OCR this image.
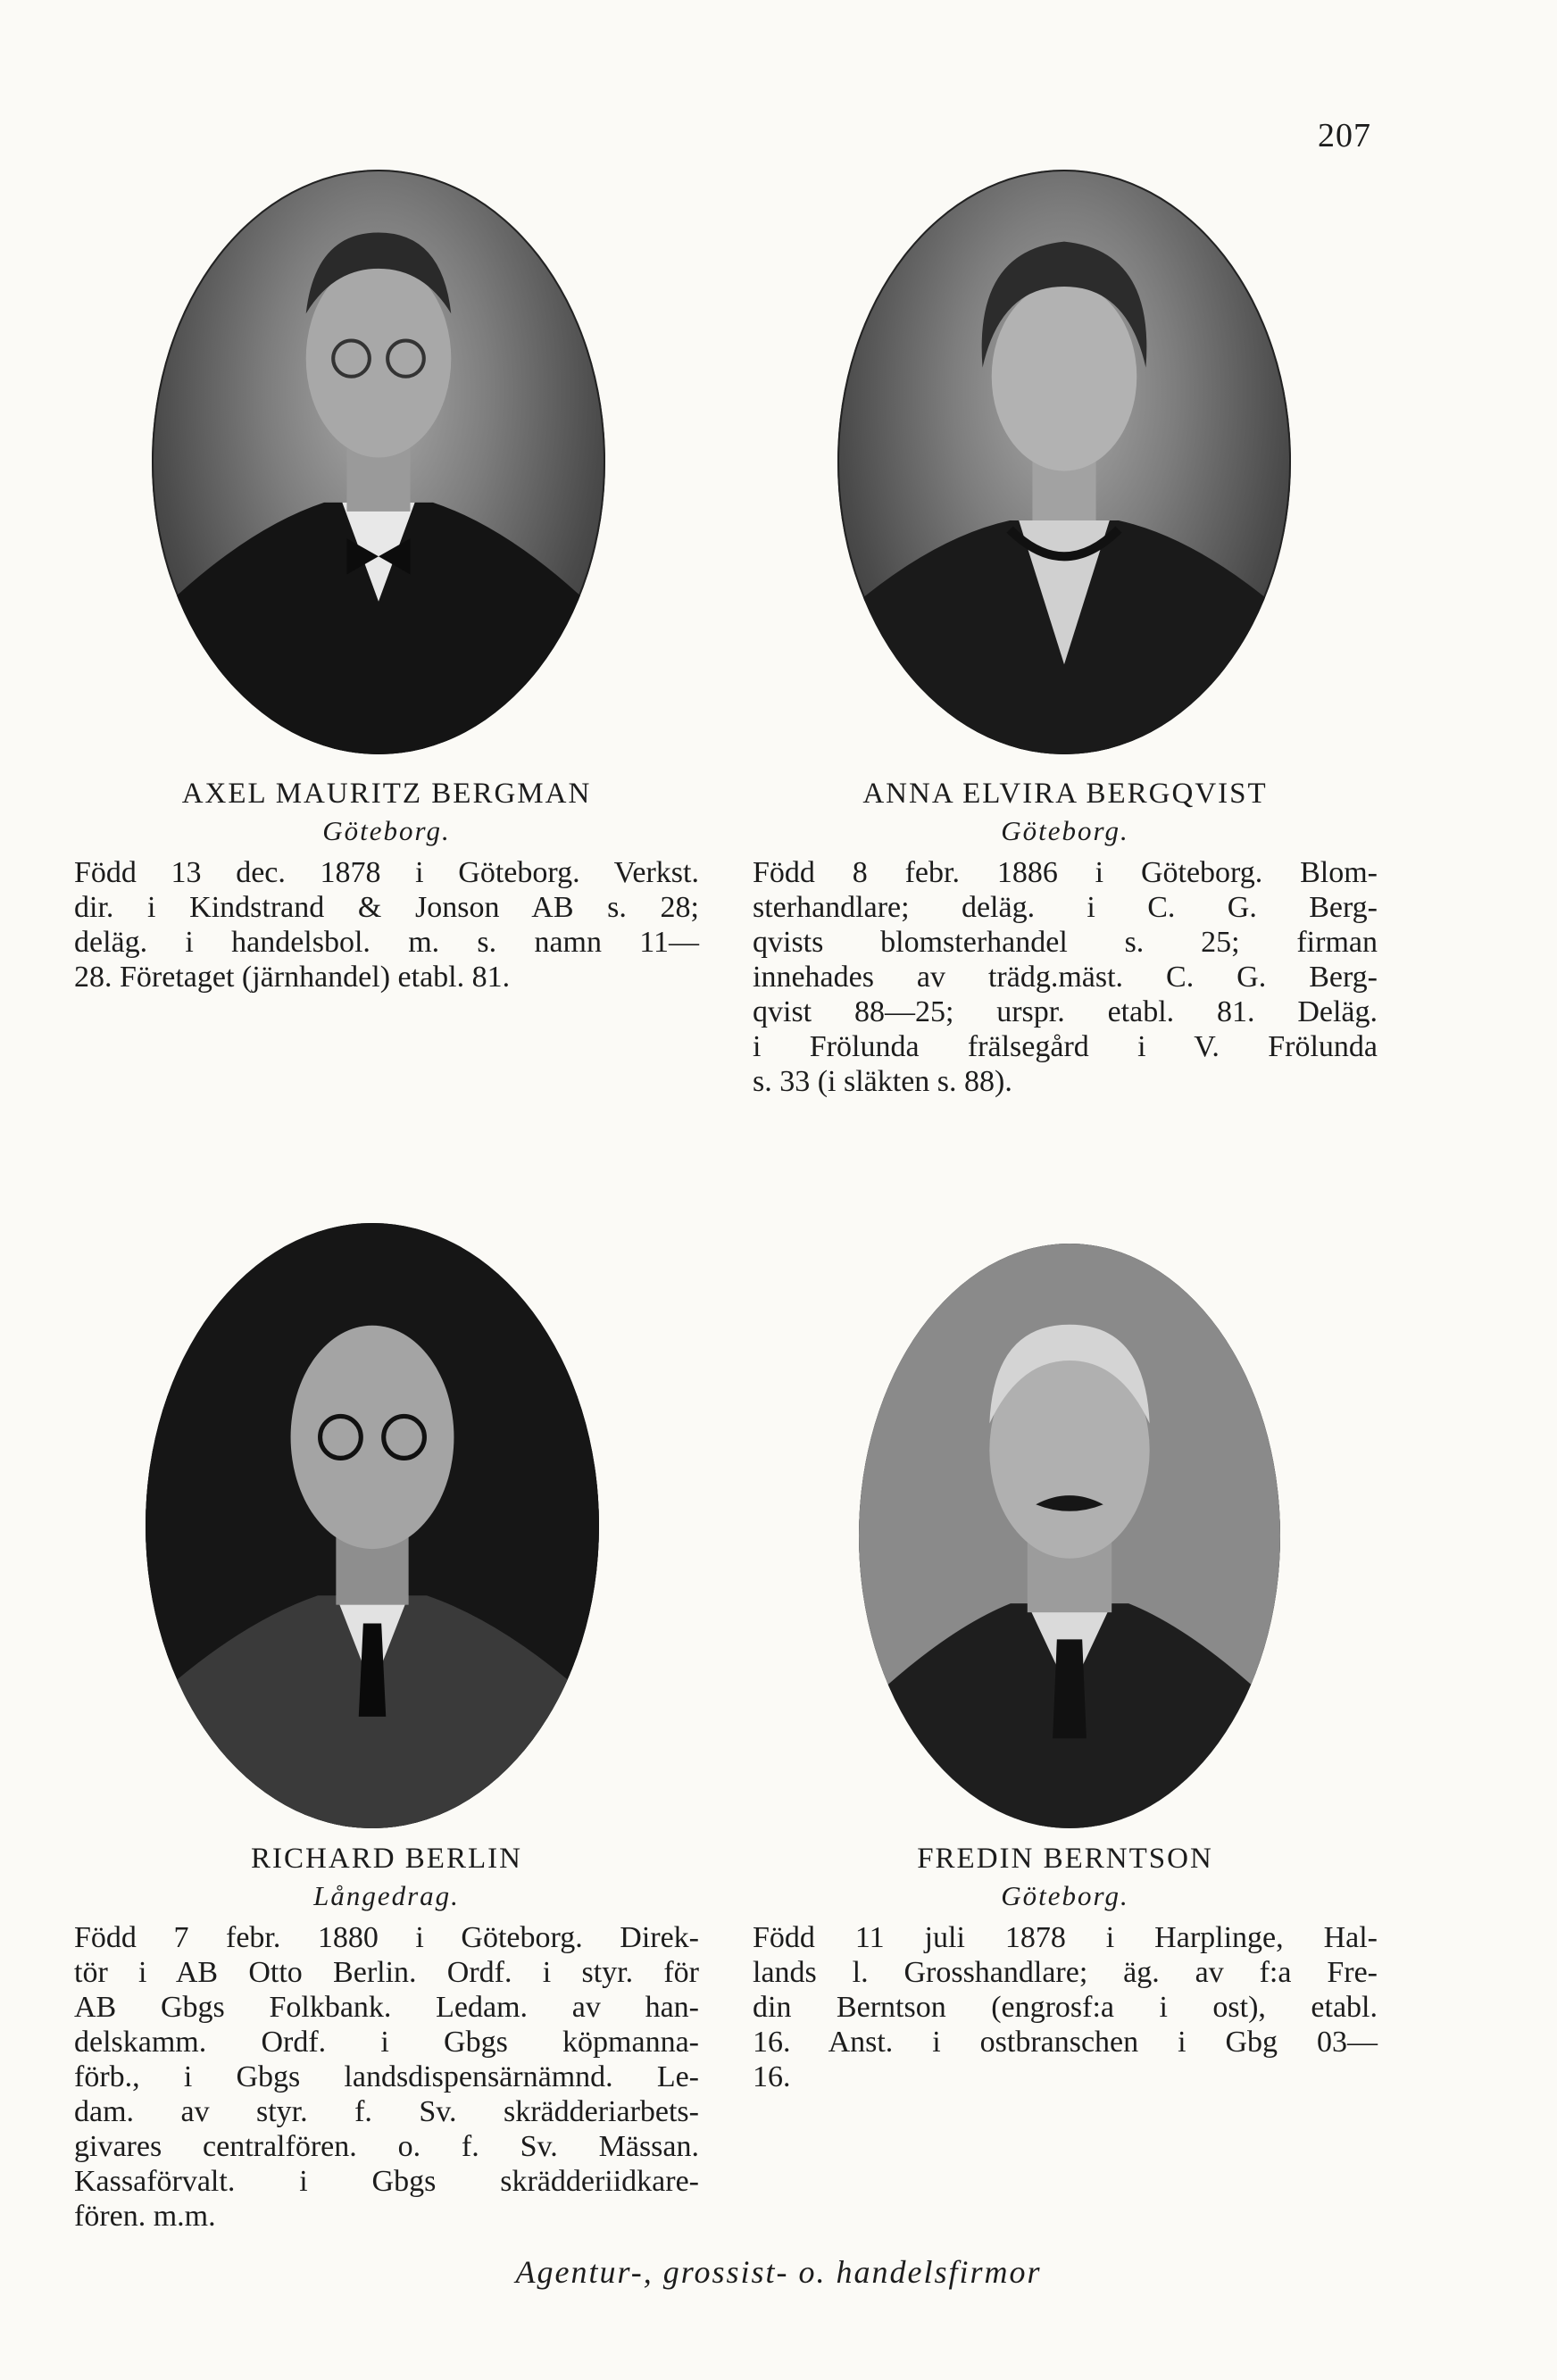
207
AXEL MAURITZ BERGMAN
Göteborg.
Född 13 dec. 1878 i Göteborg. Verkst.
dir. i Kindstrand & Jonson AB s. 28;
deläg. i handelsbol. m. s. namn 11—
28. Företaget (järnhandel) etabl. 81.
ANNA ELVIRA BERGQVIST
Göteborg.
Född 8 febr. 1886 i Göteborg. Blom-
sterhandlare; deläg. i C. G. Berg-
qvists blomsterhandel s. 25; firman
innehades av trädg.mäst. C. G. Berg-
qvist 88—25; urspr. etabl. 81. Deläg.
i Frölunda frälsegård i V. Frölunda
s. 33 (i släkten s. 88).
RICHARD BERLIN
Långedrag.
Född 7 febr. 1880 i Göteborg. Direk-
tör i AB Otto Berlin. Ordf. i styr. för
AB Gbgs Folkbank. Ledam. av han-
delskamm. Ordf. i Gbgs köpmanna-
förb., i Gbgs landsdispensärnämnd. Le-
dam. av styr. f. Sv. skrädderiarbets-
givares centralfören. o. f. Sv. Mässan.
Kassaförvalt. i Gbgs skrädderiidkare-
fören. m.m.
FREDIN BERNTSON
Göteborg.
Född 11 juli 1878 i Harplinge, Hal-
lands l. Grosshandlare; äg. av f:a Fre-
din Berntson (engrosf:a i ost), etabl.
16. Anst. i ostbranschen i Gbg 03—
16.
Agentur-, grossist- o. handelsfirmor
